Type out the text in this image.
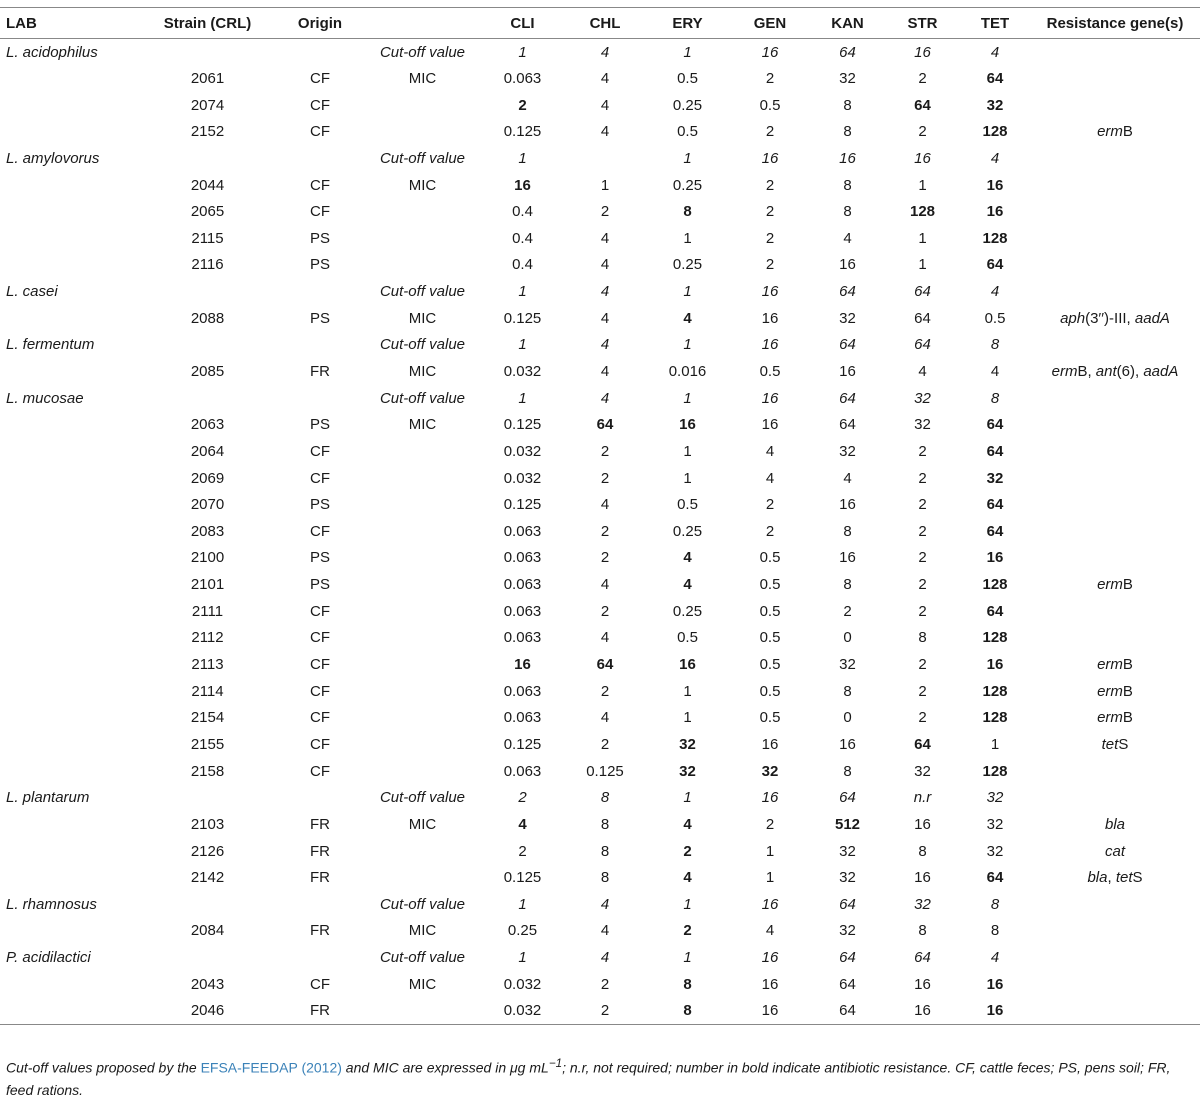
LAB	Strain (CRL)	Origin		CLI	CHL	ERY	GEN	KAN	STR	TET	Resistance gene(s)
L. acidophilus			Cut-off value	1	4	1	16	64	16	4	
	2061	CF	MIC	0.063	4	0.5	2	32	2	64	
	2074	CF		2	4	0.25	0.5	8	64	32	
	2152	CF		0.125	4	0.5	2	8	2	128	ermB
L. amylovorus			Cut-off value	1		1	16	16	16	4	
	2044	CF	MIC	16	1	0.25	2	8	1	16	
	2065	CF		0.4	2	8	2	8	128	16	
	2115	PS		0.4	4	1	2	4	1	128	
	2116	PS		0.4	4	0.25	2	16	1	64	
L. casei			Cut-off value	1	4	1	16	64	64	4	
	2088	PS	MIC	0.125	4	4	16	32	64	0.5	aph(3′′)-III, aadA
L. fermentum			Cut-off value	1	4	1	16	64	64	8	
	2085	FR	MIC	0.032	4	0.016	0.5	16	4	4	ermB, ant(6), aadA
L. mucosae			Cut-off value	1	4	1	16	64	32	8	
	2063	PS	MIC	0.125	64	16	16	64	32	64	
	2064	CF		0.032	2	1	4	32	2	64	
	2069	CF		0.032	2	1	4	4	2	32	
	2070	PS		0.125	4	0.5	2	16	2	64	
	2083	CF		0.063	2	0.25	2	8	2	64	
	2100	PS		0.063	2	4	0.5	16	2	16	
	2101	PS		0.063	4	4	0.5	8	2	128	ermB
	2111	CF		0.063	2	0.25	0.5	2	2	64	
	2112	CF		0.063	4	0.5	0.5	0	8	128	
	2113	CF		16	64	16	0.5	32	2	16	ermB
	2114	CF		0.063	2	1	0.5	8	2	128	ermB
	2154	CF		0.063	4	1	0.5	0	2	128	ermB
	2155	CF		0.125	2	32	16	16	64	1	tetS
	2158	CF		0.063	0.125	32	32	8	32	128	
L. plantarum			Cut-off value	2	8	1	16	64	n.r	32	
	2103	FR	MIC	4	8	4	2	512	16	32	bla
	2126	FR		2	8	2	1	32	8	32	cat
	2142	FR		0.125	8	4	1	32	16	64	bla, tetS
L. rhamnosus			Cut-off value	1	4	1	16	64	32	8	
	2084	FR	MIC	0.25	4	2	4	32	8	8	
P. acidilactici			Cut-off value	1	4	1	16	64	64	4	
	2043	CF	MIC	0.032	2	8	16	64	16	16	
	2046	FR		0.032	2	8	16	64	16	16	
Cut-off values proposed by the EFSA-FEEDAP (2012) and MIC are expressed in μg $mL^{-1}$; n.r, not required; number in bold indicate antibiotic resistance. CF, cattle feces; PS, pens soil; FR, feed rations.
